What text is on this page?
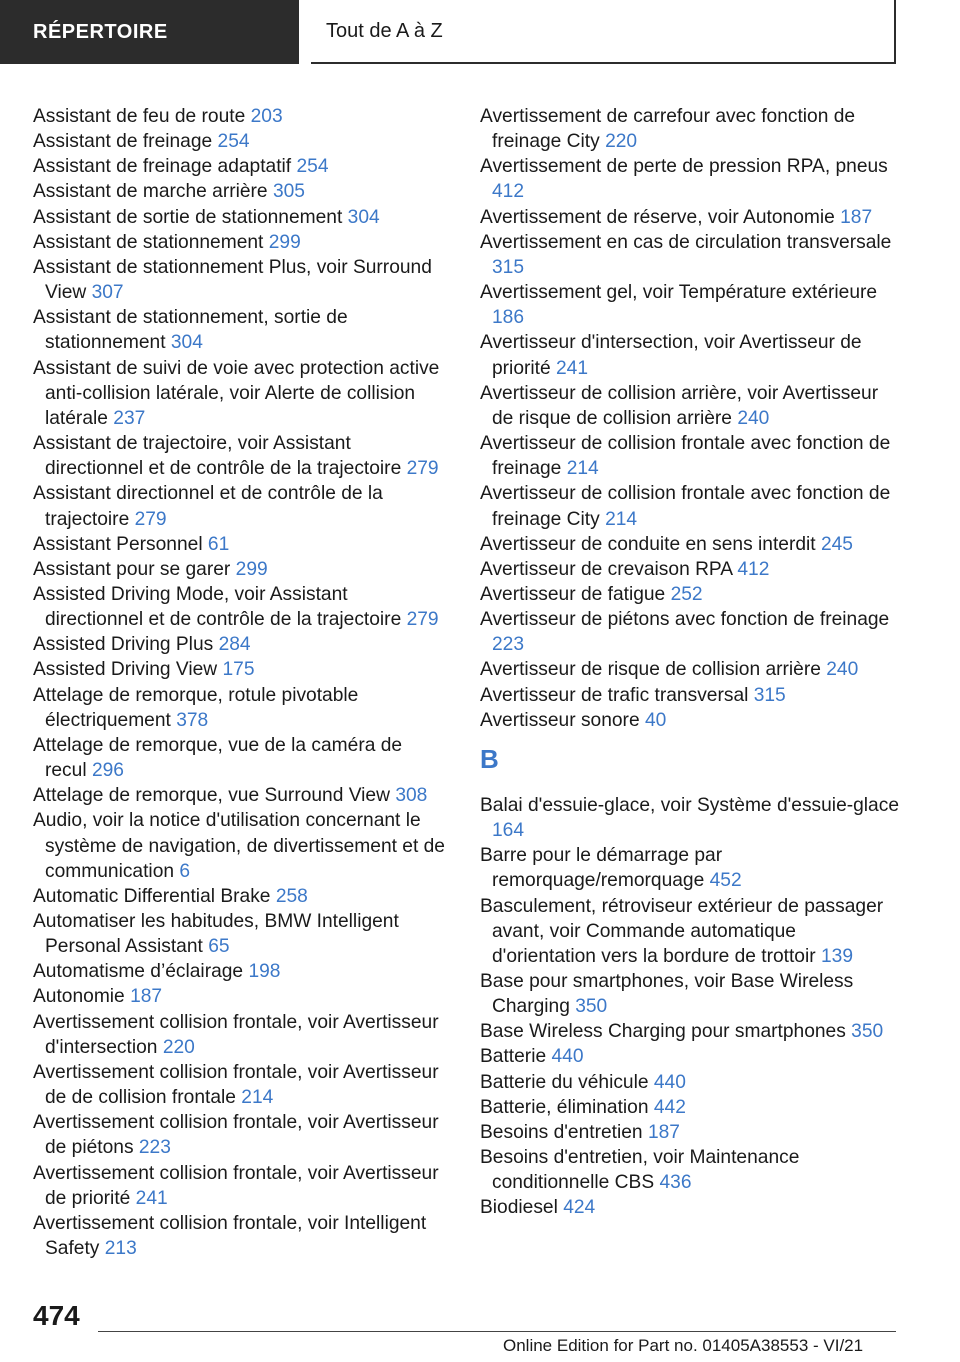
RÉPERTOIRE	Tout de A à Z
Assistant de feu de route 203
Assistant de freinage 254
Assistant de freinage adaptatif 254
Assistant de marche arrière 305
Assistant de sortie de stationnement 304
Assistant de stationnement 299
Assistant de stationnement Plus, voir Surround View 307
Assistant de stationnement, sortie de stationnement 304
Assistant de suivi de voie avec protection active anti-collision latérale, voir Alerte de collision latérale 237
Assistant de trajectoire, voir Assistant directionnel et de contrôle de la trajectoire 279
Assistant directionnel et de contrôle de la trajectoire 279
Assistant Personnel 61
Assistant pour se garer 299
Assisted Driving Mode, voir Assistant directionnel et de contrôle de la trajectoire 279
Assisted Driving Plus 284
Assisted Driving View 175
Attelage de remorque, rotule pivotable électriquement 378
Attelage de remorque, vue de la caméra de recul 296
Attelage de remorque, vue Surround View 308
Audio, voir la notice d'utilisation concernant le système de navigation, de divertissement et de communication 6
Automatic Differential Brake 258
Automatiser les habitudes, BMW Intelligent Personal Assistant 65
Automatisme d’éclairage 198
Autonomie 187
Avertissement collision frontale, voir Avertisseur d'intersection 220
Avertissement collision frontale, voir Avertisseur de de collision frontale 214
Avertissement collision frontale, voir Avertisseur de piétons 223
Avertissement collision frontale, voir Avertisseur de priorité 241
Avertissement collision frontale, voir Intelligent Safety 213
Avertissement de carrefour avec fonction de freinage City 220
Avertissement de perte de pression RPA, pneus 412
Avertissement de réserve, voir Autonomie 187
Avertissement en cas de circulation transversale 315
Avertissement gel, voir Température extérieure 186
Avertisseur d'intersection, voir Avertisseur de priorité 241
Avertisseur de collision arrière, voir Avertisseur de risque de collision arrière 240
Avertisseur de collision frontale avec fonction de freinage 214
Avertisseur de collision frontale avec fonction de freinage City 214
Avertisseur de conduite en sens interdit 245
Avertisseur de crevaison RPA 412
Avertisseur de fatigue 252
Avertisseur de piétons avec fonction de freinage 223
Avertisseur de risque de collision arrière 240
Avertisseur de trafic transversal 315
Avertisseur sonore 40
B
Balai d'essuie-glace, voir Système d'essuie-glace 164
Barre pour le démarrage par remorquage/remorquage 452
Basculement, rétroviseur extérieur de passager avant, voir Commande automatique d'orientation vers la bordure de trottoir 139
Base pour smartphones, voir Base Wireless Charging 350
Base Wireless Charging pour smartphones 350
Batterie 440
Batterie du véhicule 440
Batterie, élimination 442
Besoins d'entretien 187
Besoins d'entretien, voir Maintenance conditionnelle CBS 436
Biodiesel 424
474
Online Edition for Part no. 01405A38553 - VI/21
